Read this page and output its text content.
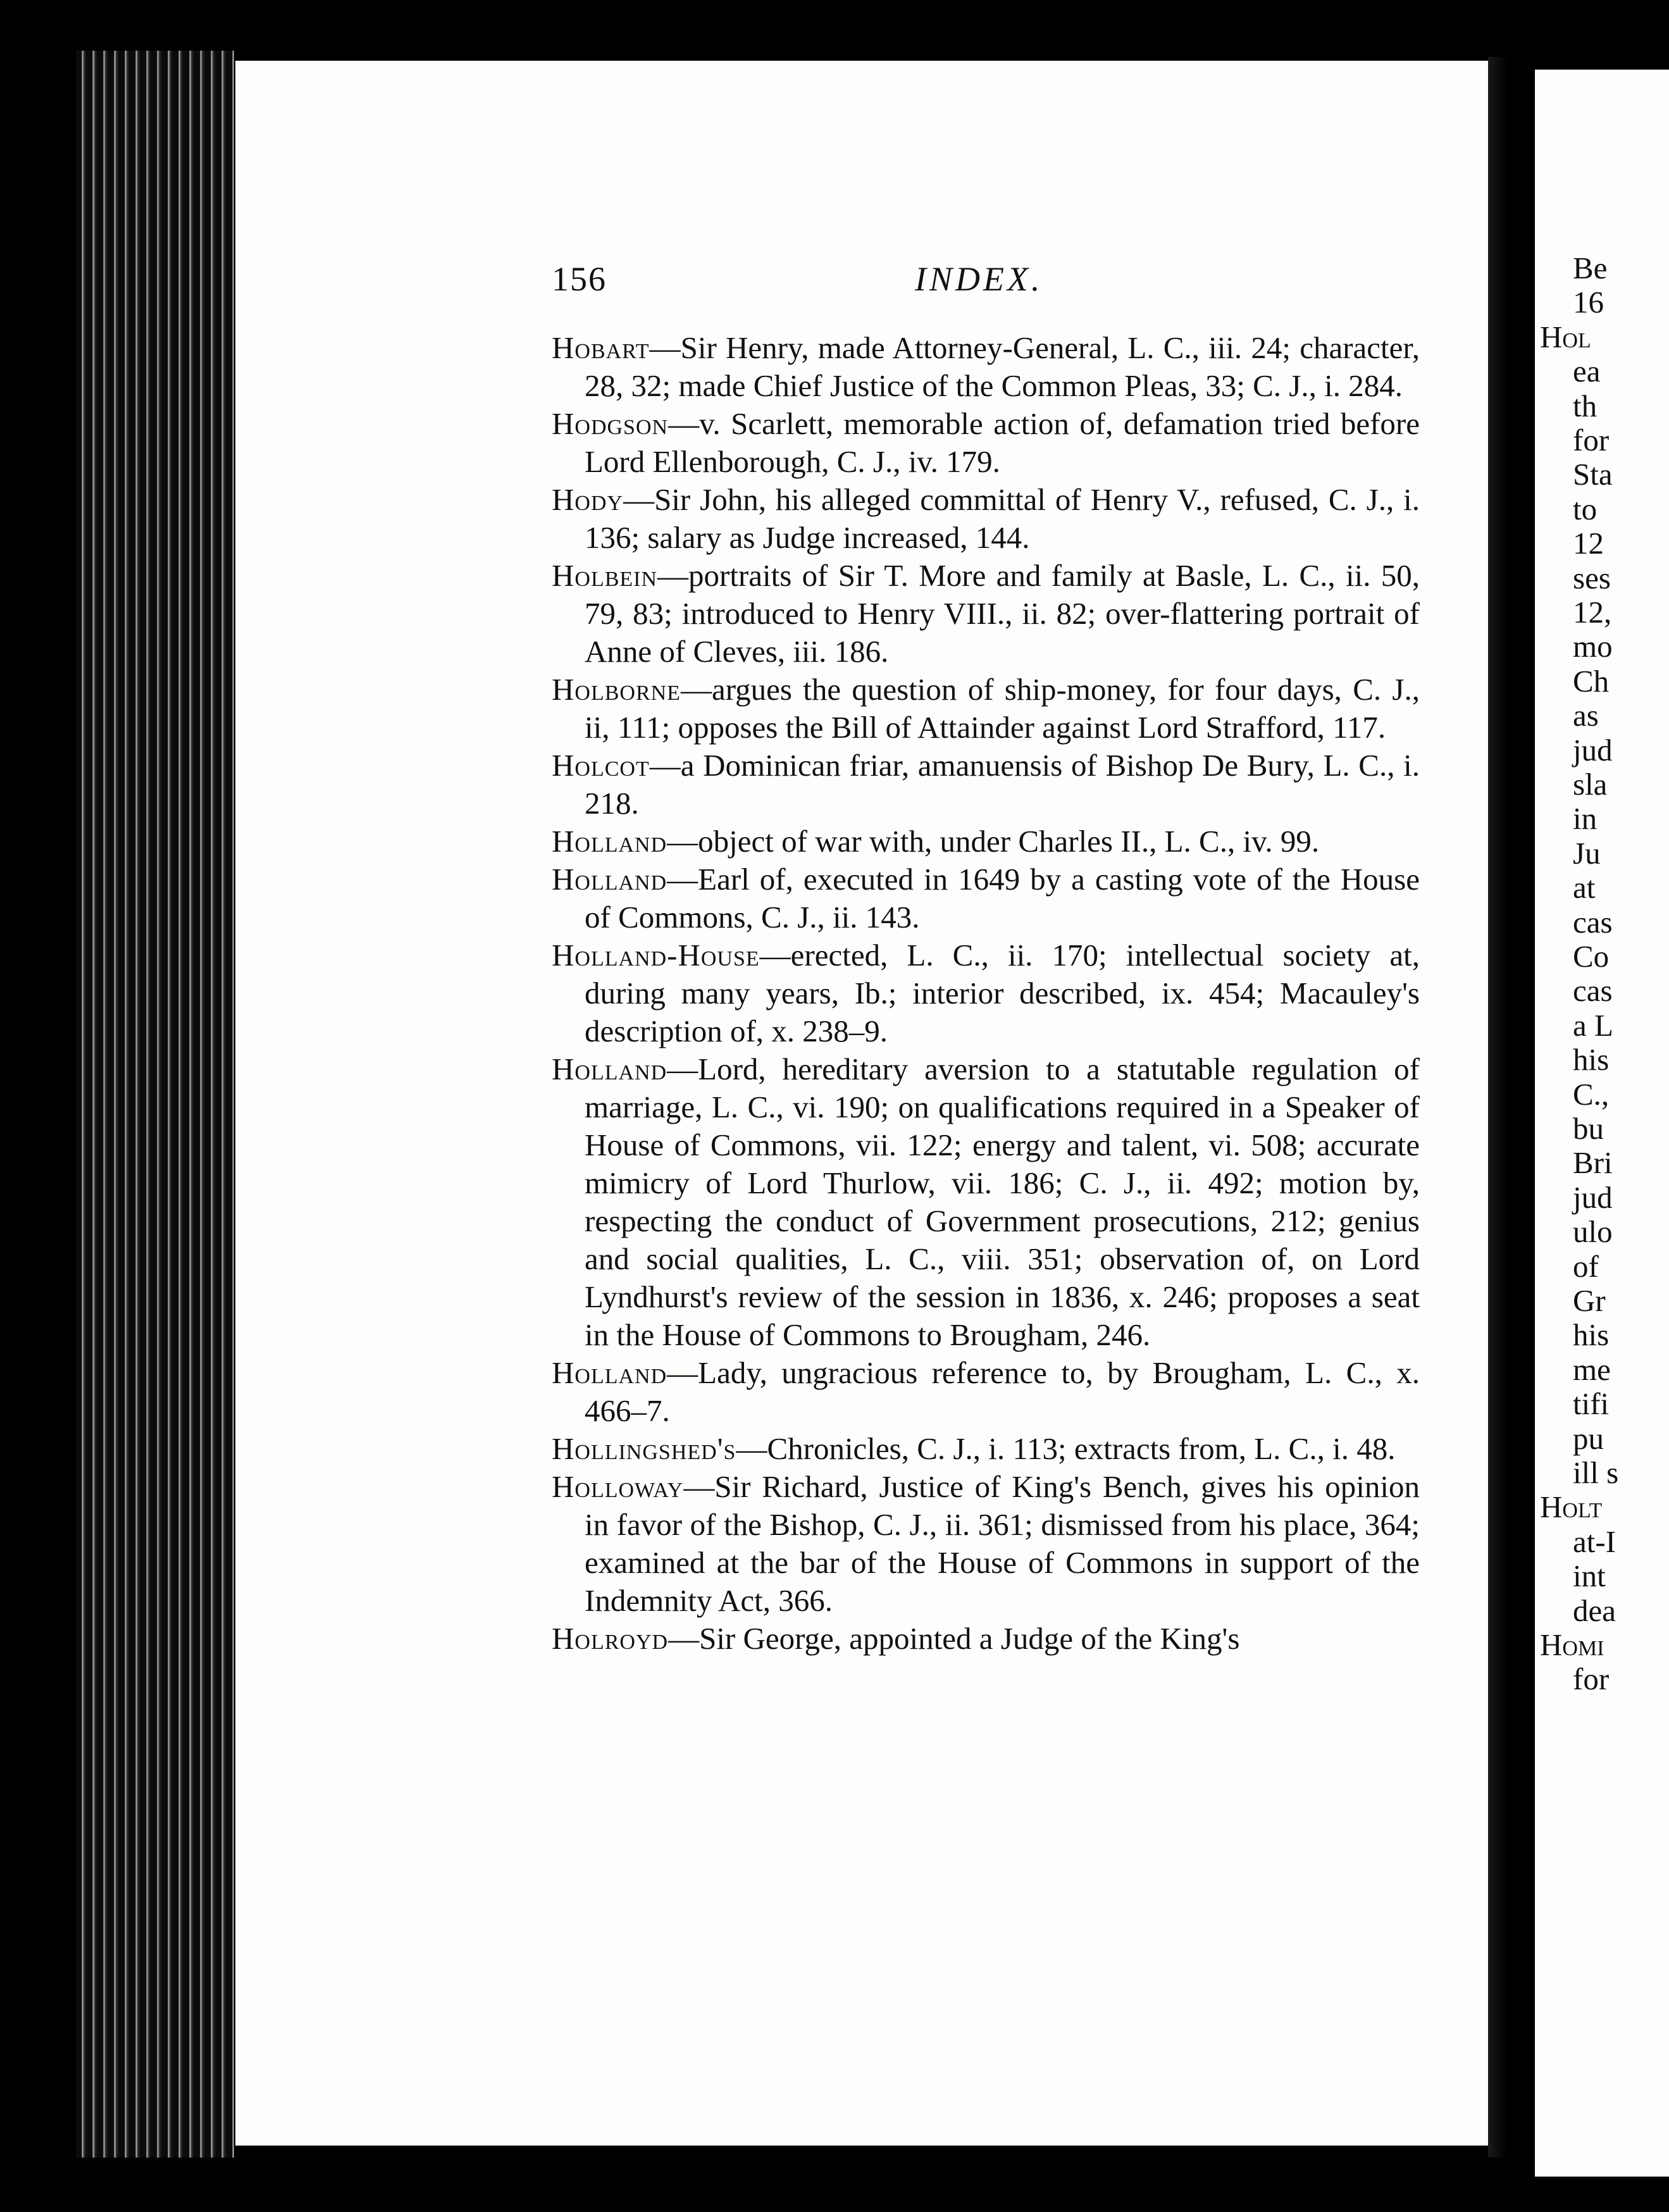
Be
16
Hol
ea
th
for
Sta
to
12
ses
12,
mo
Ch
as
jud
sla
in
Ju
at
cas
Co
cas
a L
his
C.,
bu
Bri
jud
ulo
of
Gr
his
me
tifi
pu
ill s
Holt
at-I
int
dea
Homi
for
156	INDEX.

Hobart—Sir Henry, made Attorney-General, L. C., iii. 24; character, 28, 32; made Chief Justice of the Common Pleas, 33; C. J., i. 284.

Hodgson—v. Scarlett, memorable action of, defamation tried before Lord Ellenborough, C. J., iv. 179.

Hody—Sir John, his alleged committal of Henry V., refused, C. J., i. 136; salary as Judge increased, 144.

Holbein—portraits of Sir T. More and family at Basle, L. C., ii. 50, 79, 83; introduced to Henry VIII., ii. 82; over-flattering portrait of Anne of Cleves, iii. 186.

Holborne—argues the question of ship-money, for four days, C. J., ii, 111; opposes the Bill of Attainder against Lord Strafford, 117.

Holcot—a Dominican friar, amanuensis of Bishop De Bury, L. C., i. 218.

Holland—object of war with, under Charles II., L. C., iv. 99.

Holland—Earl of, executed in 1649 by a casting vote of the House of Commons, C. J., ii. 143.

Holland-House—erected, L. C., ii. 170; intellectual society at, during many years, Ib.; interior described, ix. 454; Macauley's description of, x. 238–9.

Holland—Lord, hereditary aversion to a statutable regulation of marriage, L. C., vi. 190; on qualifications required in a Speaker of House of Commons, vii. 122; energy and talent, vi. 508; accurate mimicry of Lord Thurlow, vii. 186; C. J., ii. 492; motion by, respecting the conduct of Government prosecutions, 212; genius and social qualities, L. C., viii. 351; observation of, on Lord Lyndhurst's review of the session in 1836, x. 246; proposes a seat in the House of Commons to Brougham, 246.

Holland—Lady, ungracious reference to, by Brougham, L. C., x. 466–7.

Hollingshed's—Chronicles, C. J., i. 113; extracts from, L. C., i. 48.

Holloway—Sir Richard, Justice of King's Bench, gives his opinion in favor of the Bishop, C. J., ii. 361; dismissed from his place, 364; examined at the bar of the House of Commons in support of the Indemnity Act, 366.

Holroyd—Sir George, appointed a Judge of the King's
